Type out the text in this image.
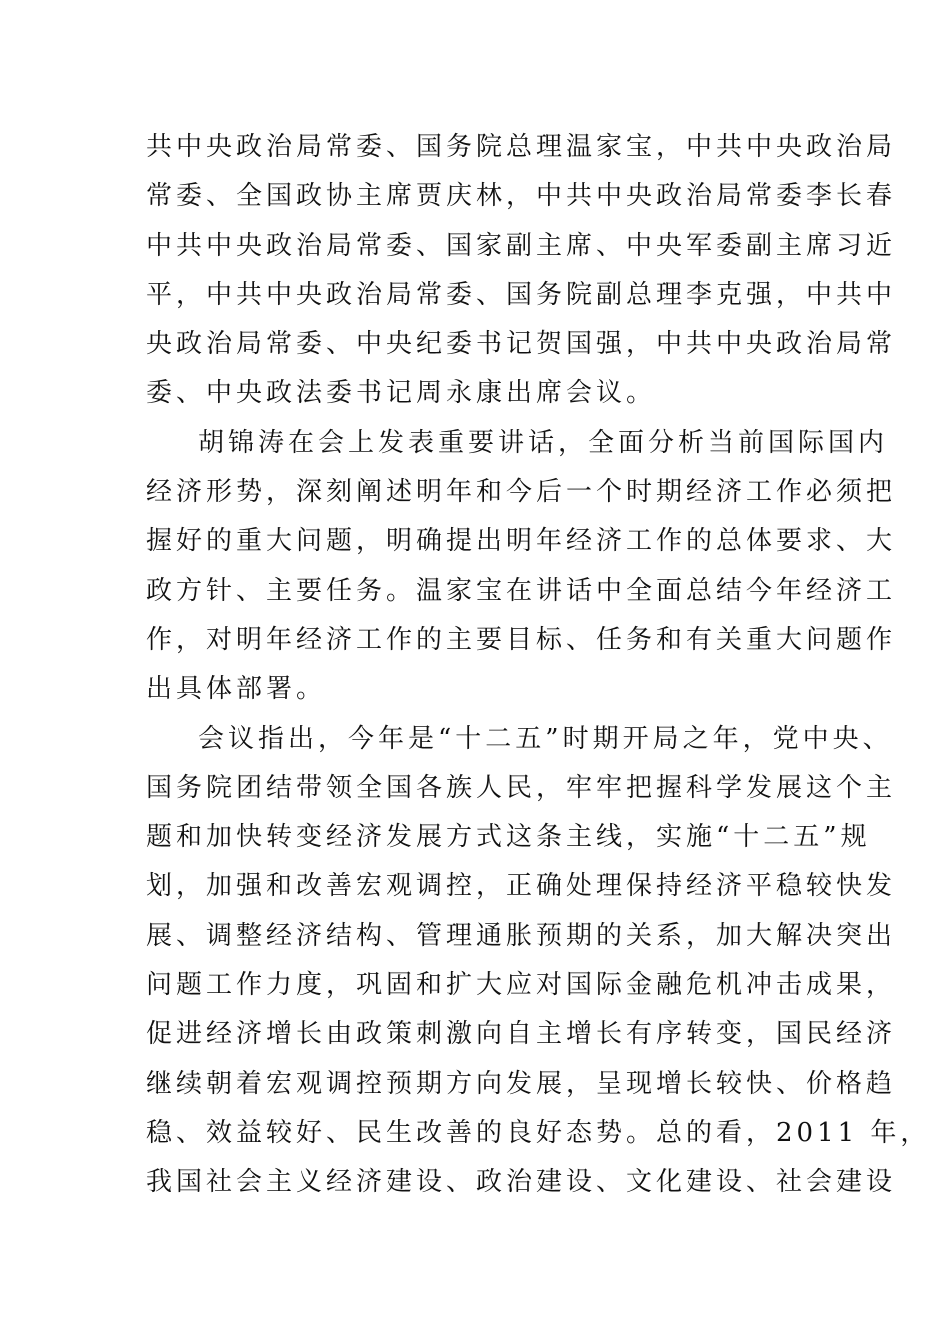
共中央政治局常委、国务院总理温家宝，中共中央政治局
常委、全国政协主席贾庆林，中共中央政治局常委李长春
中共中央政治局常委、国家副主席、中央军委副主席习近
平，中共中央政治局常委、国务院副总理李克强，中共中
央政治局常委、中央纪委书记贺国强，中共中央政治局常
委、中央政法委书记周永康出席会议。
胡锦涛在会上发表重要讲话，全面分析当前国际国内
经济形势，深刻阐述明年和今后一个时期经济工作必须把
握好的重大问题，明确提出明年经济工作的总体要求、大
政方针、主要任务。温家宝在讲话中全面总结今年经济工
作，对明年经济工作的主要目标、任务和有关重大问题作
出具体部署。
会议指出，今年是“十二五”时期开局之年，党中央、
国务院团结带领全国各族人民，牢牢把握科学发展这个主
题和加快转变经济发展方式这条主线，实施“十二五”规
划，加强和改善宏观调控，正确处理保持经济平稳较快发
展、调整经济结构、管理通胀预期的关系，加大解决突出
问题工作力度，巩固和扩大应对国际金融危机冲击成果，
促进经济增长由政策刺激向自主增长有序转变，国民经济
继续朝着宏观调控预期方向发展，呈现增长较快、价格趋
稳、效益较好、民生改善的良好态势。总的看，2011 年，
我国社会主义经济建设、政治建设、文化建设、社会建设
